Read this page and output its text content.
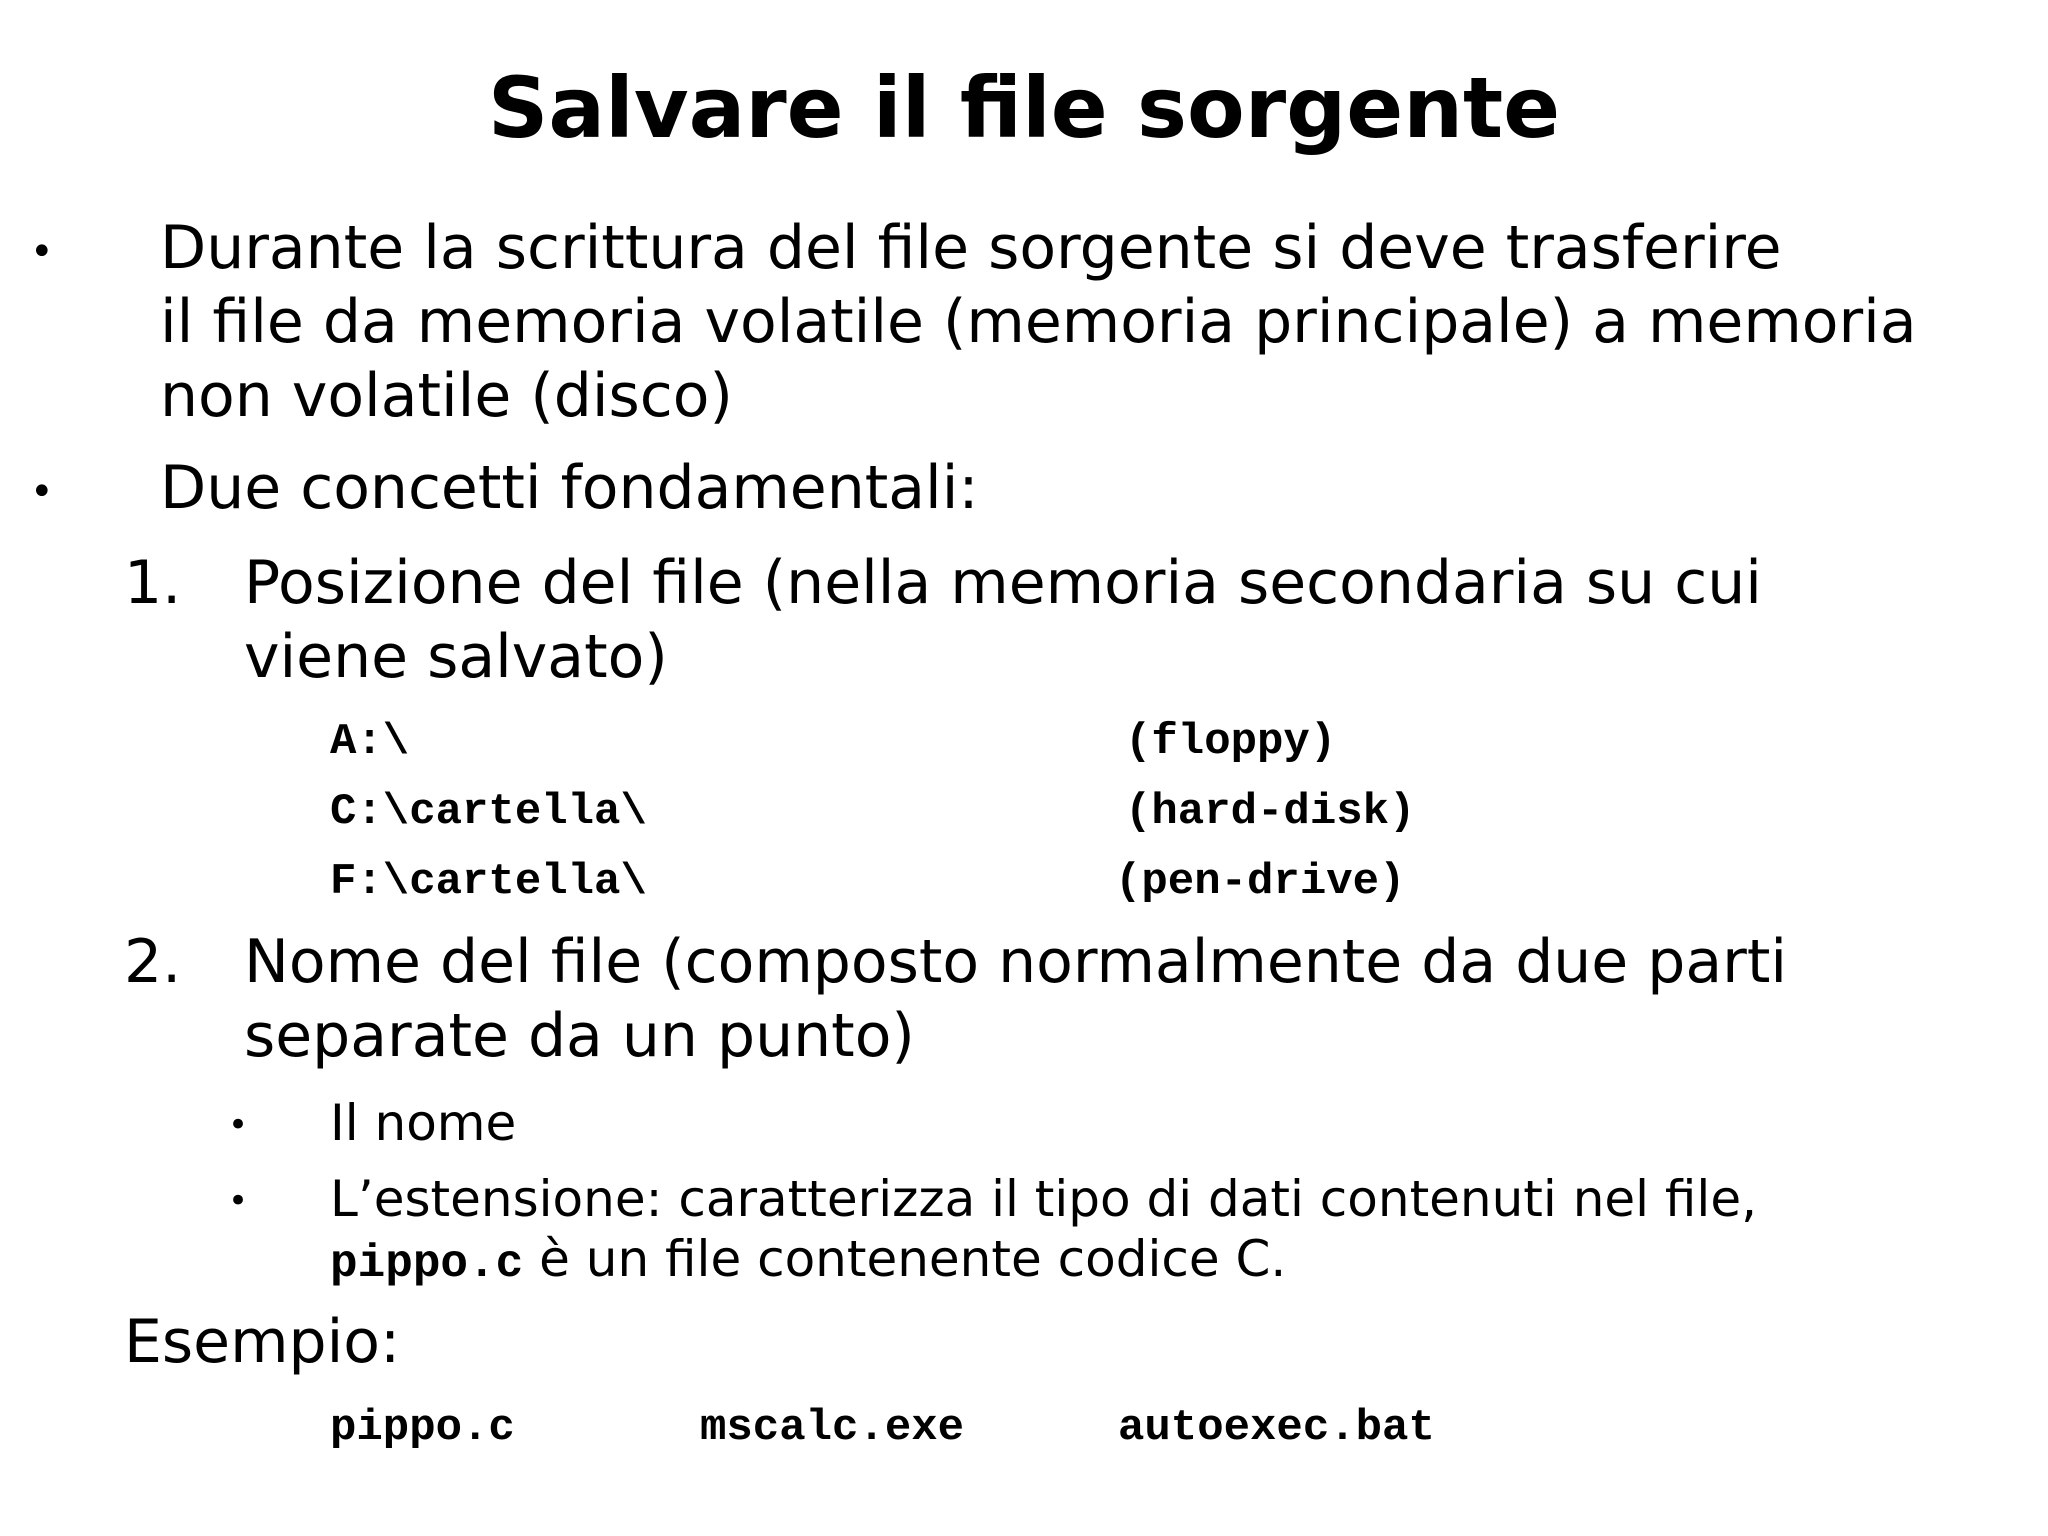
Salvare il file sorgente
• Durante la scrittura del file sorgente si deve trasferire
il file da memoria volatile (memoria principale) a memoria
non volatile (disco)
• Due concetti fondamentali:
1. Posizione del file (nella memoria secondaria su cui
viene salvato)
A:\	(floppy)
C:\cartella\	(hard-disk)
F:\cartella\	(pen-drive)
2. Nome del file (composto normalmente da due parti
separate da un punto)
• Il nome
• L’estensione: caratterizza il tipo di dati contenuti nel file,
pippo.c è un file contenente codice C.
Esempio:
pippo.c	mscalc.exe	autoexec.bat
